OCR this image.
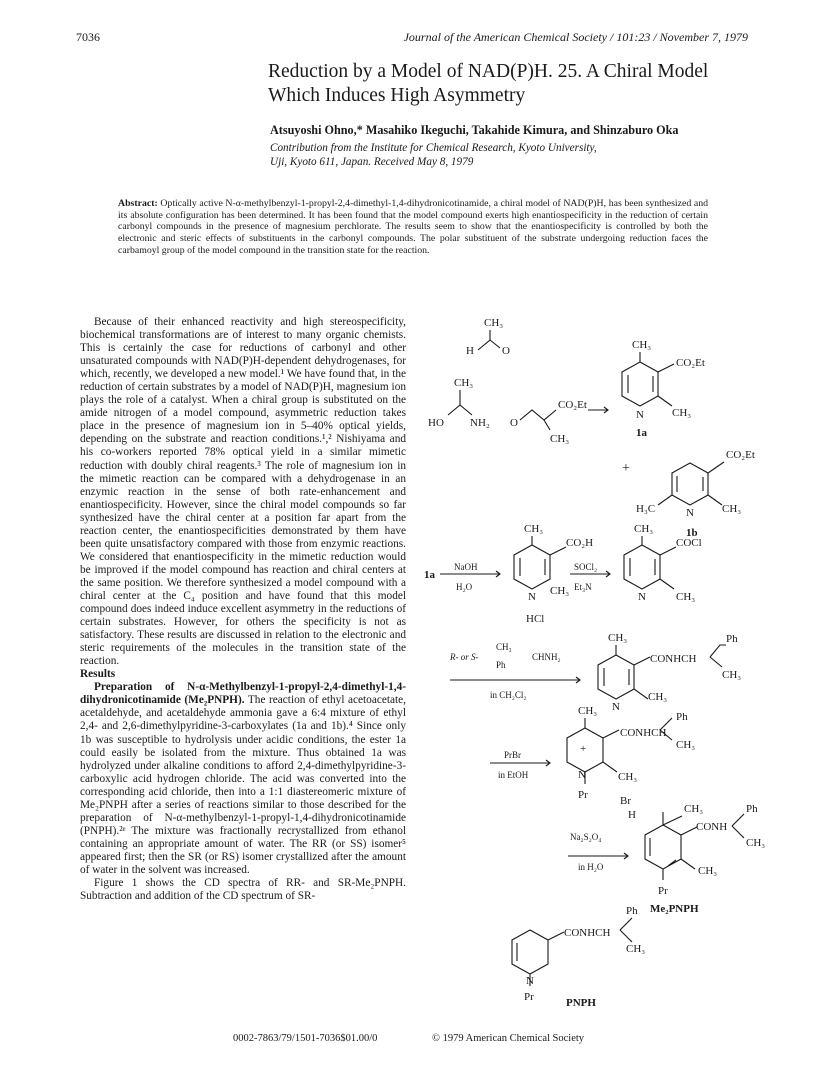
7036	Journal of the American Chemical Society / 101:23 / November 7, 1979
Reduction by a Model of NAD(P)H. 25. A Chiral Model Which Induces High Asymmetry
Atsuyoshi Ohno,* Masahiko Ikeguchi, Takahide Kimura, and Shinzaburo Oka
Contribution from the Institute for Chemical Research, Kyoto University,
Uji, Kyoto 611, Japan. Received May 8, 1979
Abstract: Optically active N-α-methylbenzyl-1-propyl-2,4-dimethyl-1,4-dihydronicotinamide, a chiral model of NAD(P)H, has been synthesized and its absolute configuration has been determined. It has been found that the model compound exerts high enantiospecificity in the reduction of certain carbonyl compounds in the presence of magnesium perchlorate. The results seem to show that the enantiospecificity is controlled by both the electronic and steric effects of substituents in the carbonyl compounds. The polar substituent of the substrate undergoing reduction faces the carbamoyl group of the model compound in the transition state for the reaction.

Because of their enhanced reactivity and high stereospecificity, biochemical transformations are of interest to many organic chemists. This is certainly the case for reductions of carbonyl and other unsaturated compounds with NAD(P)H-dependent dehydrogenases, for which, recently, we developed a new model.¹ We have found that, in the reduction of certain substrates by a model of NAD(P)H, magnesium ion plays the role of a catalyst. When a chiral group is substituted on the amide nitrogen of a model compound, asymmetric reduction takes place in the presence of magnesium ion in 5–40% optical yields, depending on the substrate and reaction conditions.¹,² Nishiyama and his co-workers reported 78% optical yield in a similar mimetic reduction with doubly chiral reagents.³ The role of magnesium ion in the mimetic reaction can be compared with a dehydrogenase in an enzymic reaction in the sense of both rate-enhancement and enantiospecificity. However, since the chiral model compounds so far synthesized have the chiral center at a position far apart from the reaction center, the enantiospecificities demonstrated by them have been quite unsatisfactory compared with those from enzymic reactions. We considered that enantiospecificity in the mimetic reduction would be improved if the model compound has reaction and chiral centers at the same position. We therefore synthesized a model compound with a chiral center at the C₄ position and have found that this model compound does indeed induce excellent asymmetry in the reductions of certain substrates. However, for others the specificity is not as satisfactory. These results are discussed in relation to the electronic and steric requirements of the molecules in the transition state of the reaction.

Results

Preparation of N-α-Methylbenzyl-1-propyl-2,4-dimethyl-1,4-dihydronicotinamide (Me₂PNPH). The reaction of ethyl acetoacetate, acetaldehyde, and acetaldehyde ammonia gave a 6:4 mixture of ethyl 2,4- and 2,6-dimethylpyridine-3-carboxylates (1a and 1b).⁴ Since only 1b was susceptible to hydrolysis under acidic conditions, the ester 1a could easily be isolated from the mixture. Thus obtained 1a was hydrolyzed under alkaline conditions to afford 2,4-dimethylpyridine-3-carboxylic acid hydrogen chloride. The acid was converted into the corresponding acid chloride, then into a 1:1 diastereomeric mixture of Me₂PNPH after a series of reactions similar to those described for the preparation of N-α-methylbenzyl-1-propyl-1,4-dihydronicotinamide (PNPH).²ᵉ The mixture was fractionally recrystallized from ethanol containing an appropriate amount of water. The RR (or SS) isomer⁵ appeared first; then the SR (or RS) isomer crystallized after the amount of water in the solvent was increased.

Figure 1 shows the CD spectra of RR- and SR-Me₂PNPH. Subtraction and addition of the CD spectrum of SR-

CH₃
H	O
CH₃
HO NH₂
CO₂Et
O
CH₃
CH₃
CO₂Et
N	CH₃
1a
+
CO₂Et
H₃C	N	CH₃
1b
1a
NaOH
H₂O
CH₃
CO₂H
N CH₃
HCl
SOCl₂
Et₃N
CH₃
COCl
N	CH₃
R- or S-
CH₃
Ph
CHNH₂
in CH₂Cl₂
CH₃
CONHCH
Ph
CH₃
N
CH₃
PrBr
in EtOH
CH₃
CONHCH
Ph
CH₃
+
N	CH₃
Br
Pr
Na₂S₂O₄
in H₂O
H	CH₃
CONH
Ph
CH₃
CH₃
Pr
Me₂PNPH
CONHCH
Ph
CH₃
N
Pr	PNPH
0002-7863/79/1501-7036$01.00/0	© 1979 American Chemical Society
